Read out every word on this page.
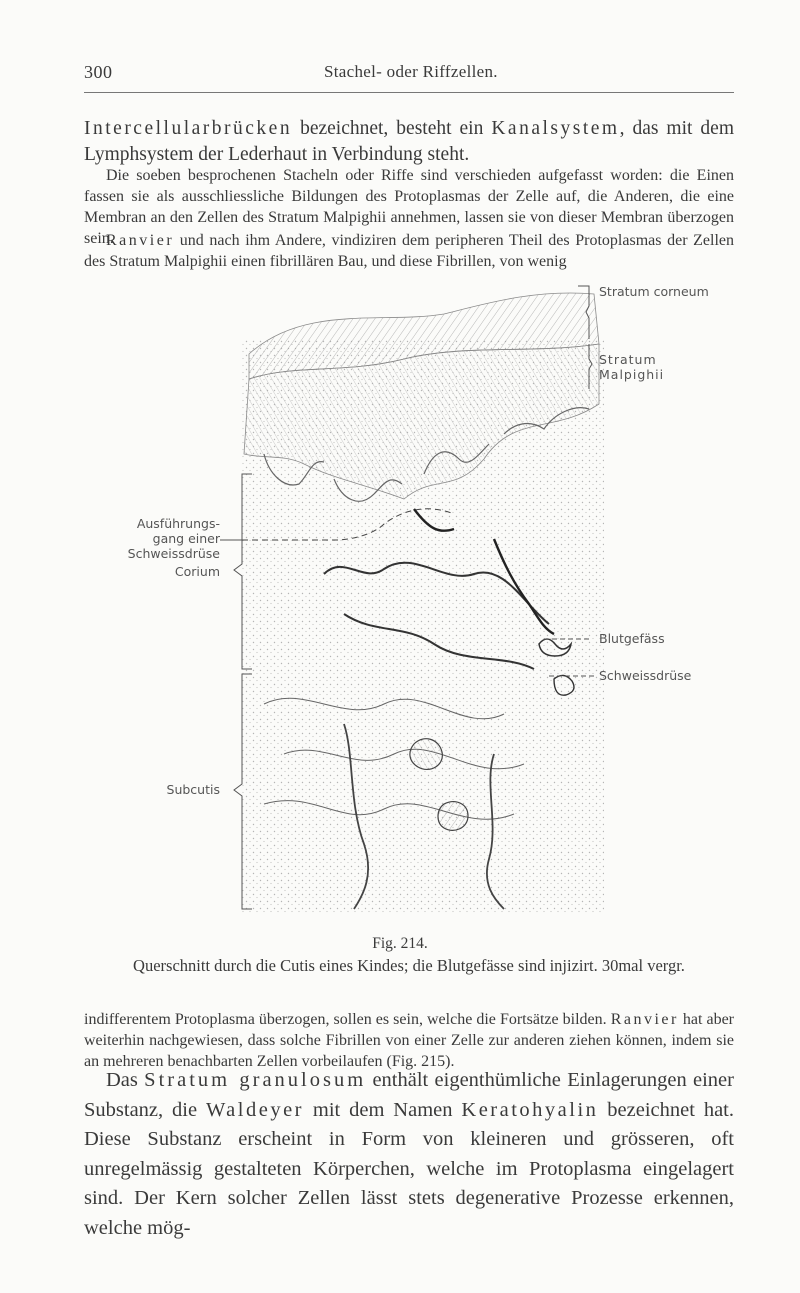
300	Stachel- oder Riffzellen.

Intercellularbrücken bezeichnet, besteht ein Kanalsystem, das mit dem Lymphsystem der Lederhaut in Verbindung steht.

Die soeben besprochenen Stacheln oder Riffe sind verschieden aufgefasst worden: die Einen fassen sie als ausschliessliche Bildungen des Protoplasmas der Zelle auf, die Anderen, die eine Membran an den Zellen des Stratum Malpighii annehmen, lassen sie von dieser Membran überzogen sein.

Ranvier und nach ihm Andere, vindiziren dem peripheren Theil des Protoplasmas der Zellen des Stratum Malpighii einen fibrillären Bau, und diese Fibrillen, von wenig

Stratum corneum
Stratum Malpighii
Ausführungs- gang einer Schweissdrüse
Corium
Blutgefäss
Schweissdrüse
Subcutis
Fig. 214.
Querschnitt durch die Cutis eines Kindes; die Blutgefässe sind injizirt. 30mal vergr.

indifferentem Protoplasma überzogen, sollen es sein, welche die Fortsätze bilden. Ranvier hat aber weiterhin nachgewiesen, dass solche Fibrillen von einer Zelle zur anderen ziehen können, indem sie an mehreren benachbarten Zellen vorbeilaufen (Fig. 215).

Das Stratum granulosum enthält eigenthümliche Einlagerungen einer Substanz, die Waldeyer mit dem Namen Keratohyalin bezeichnet hat. Diese Substanz erscheint in Form von kleineren und grösseren, oft unregelmässig gestalteten Körperchen, welche im Protoplasma eingelagert sind. Der Kern solcher Zellen lässt stets degenerative Prozesse erkennen, welche mög-
